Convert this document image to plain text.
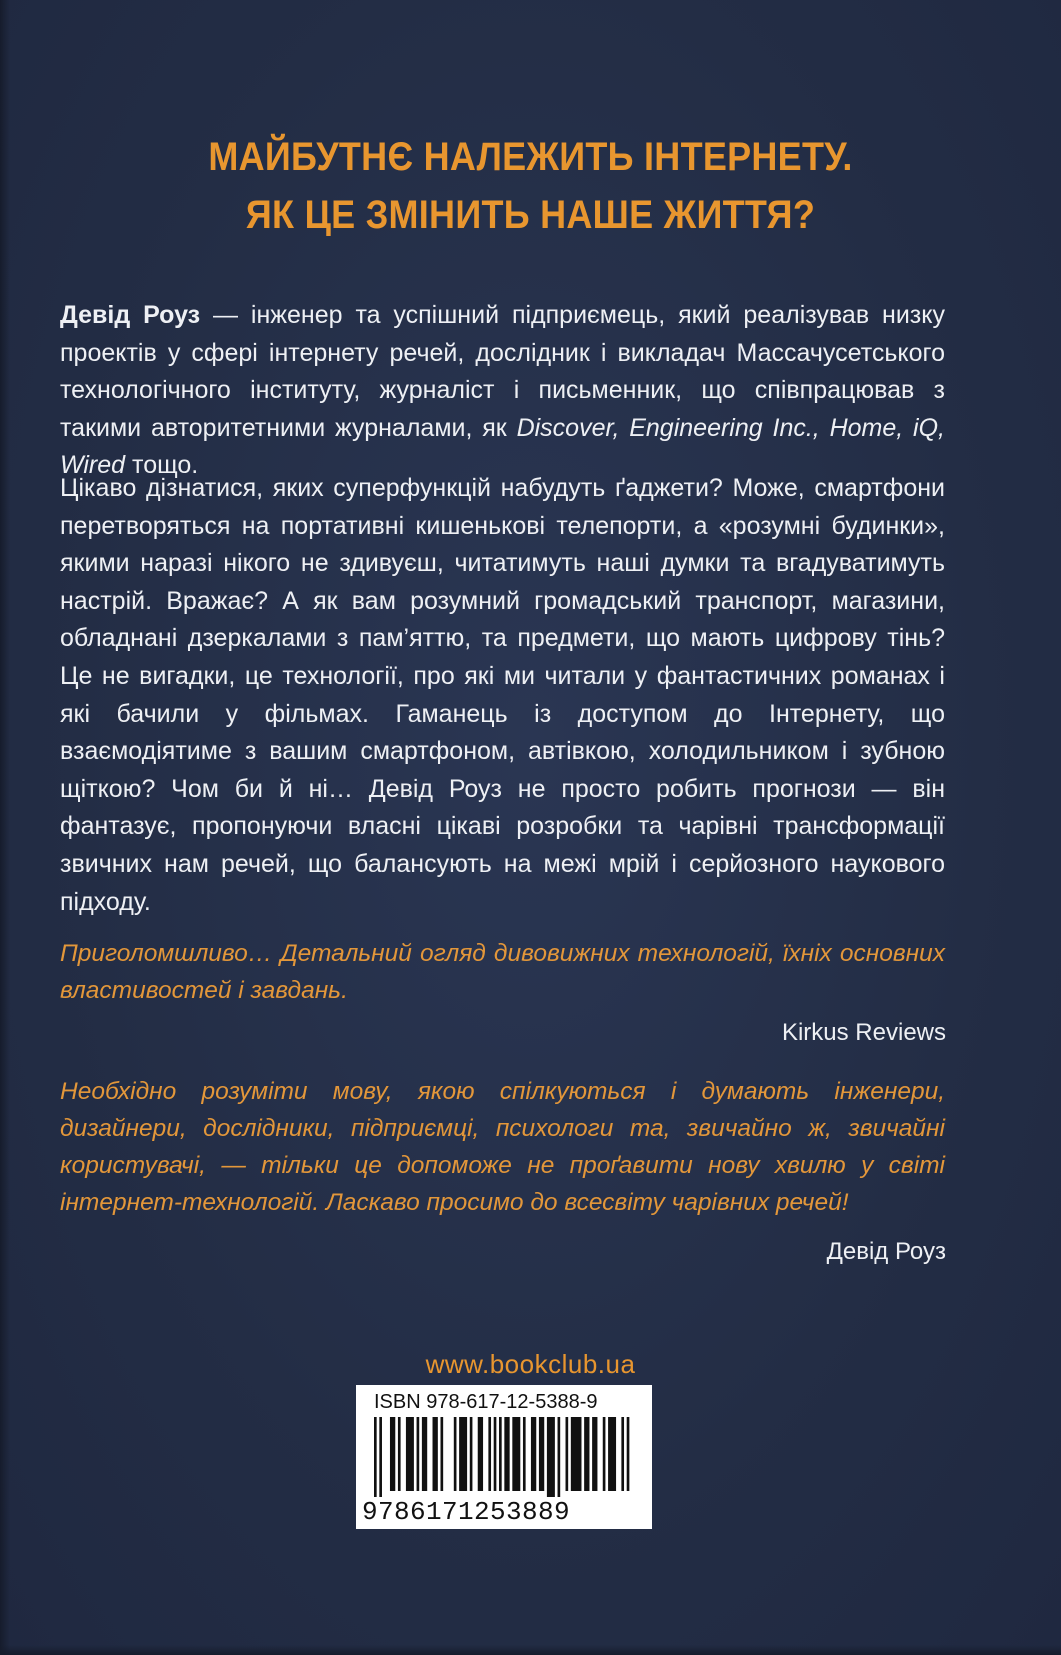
МАЙБУТНЄ НАЛЕЖИТЬ ІНТЕРНЕТУ.
ЯК ЦЕ ЗМІНИТЬ НАШЕ ЖИТТЯ?

Девід Роуз — інженер та успішний підприємець, який реалізував низку проектів у сфері інтернету речей, дослідник і викладач Массачусетського технологічного інституту, журналіст і письменник, що співпрацював з такими авторитетними журналами, як Discover, Engineering Inc., Home, iQ, Wired тощо.

Цікаво дізнатися, яких суперфункцій набудуть ґаджети? Може, смартфони перетворяться на портативні кишенькові телепорти, а «розумні будинки», якими наразі нікого не здивуєш, читатимуть наші думки та вгадуватимуть настрій. Вражає? А як вам розумний громадський транспорт, магазини, обладнані дзеркалами з пам’яттю, та предмети, що мають цифрову тінь? Це не вигадки, це технології, про які ми читали у фантастичних романах і які бачили у фільмах. Гаманець із доступом до Інтернету, що взаємодіятиме з вашим смартфоном, автівкою, холодильником і зубною щіткою? Чом би й ні… Девід Роуз не просто робить прогнози — він фантазує, пропонуючи власні цікаві розробки та чарівні трансформації звичних нам речей, що балансують на межі мрій і серйозного наукового підходу.

Приголомшливо… Детальний огляд дивовижних технологій, їхніх основних властивостей і завдань.

Kirkus Reviews

Необхідно розуміти мову, якою спілкуються і думають інженери, дизайнери, дослідники, підприємці, психологи та, звичайно ж, звичайні користувачі, — тільки це допоможе не проґавити нову хвилю у світі інтернет-технологій. Ласкаво просимо до всесвіту чарівних речей!

Девід Роуз
www.bookclub.ua
ISBN 978-617-12-5388-9
9786171253889
